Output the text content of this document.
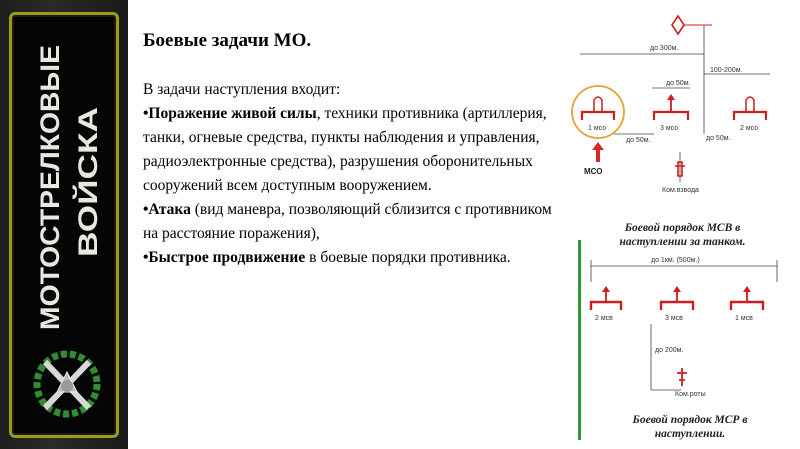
МОТОСТРЕЛКОВЫЕ ВОЙСКА
Боевые задачи МО.

В задачи наступления входит:

•Поражение живой силы, техники противника (артиллерия, танки, огневые средства, пункты наблюдения и управления, радиоэлектронные средства), разрушения оборонительных сооружений всем доступным вооружением.

•Атака (вид маневра, позволяющий сблизится с противником на расстояние поражения),

•Быстрое продвижение в боевые порядки противника.

до 300м.
100-200м.
до 50м.
1 мсо	3 мсо	2 мсо
до 50м.	до 50м.
Ком.взвода
МСО
Боевой порядок МСВ в
наступлении за танком.
до 1км. (500м.)
2 мсв	3 мсв	1 мсв
до 200м.
Ком.роты
Боевой порядок МСР в
наступлении.
